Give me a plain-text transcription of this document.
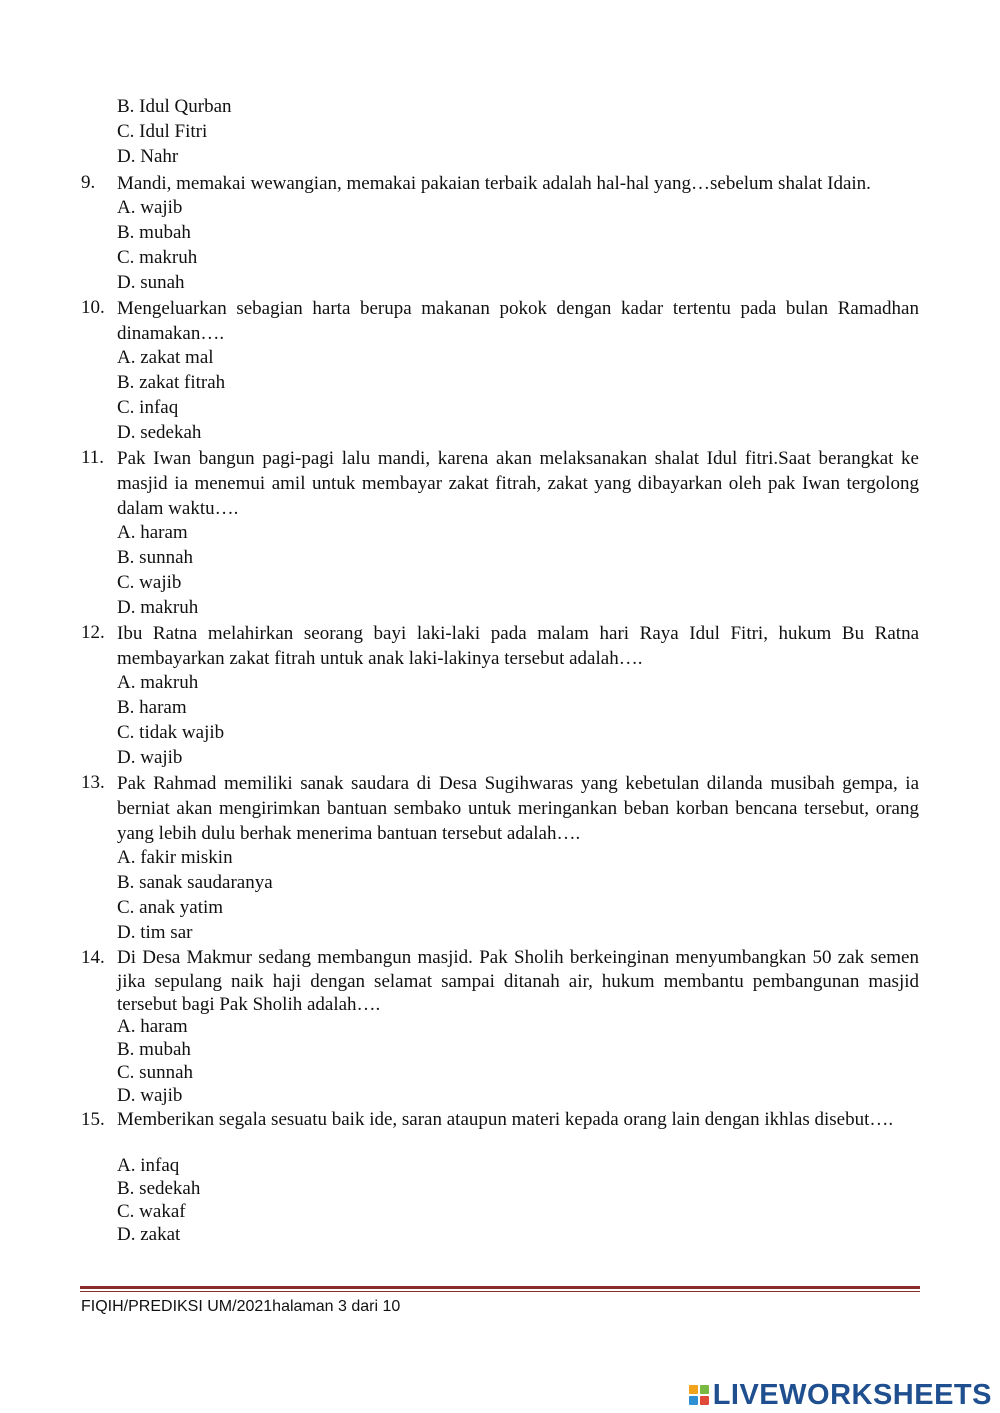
B. Idul Qurban
C. Idul Fitri
D. Nahr
9. Mandi, memakai wewangian, memakai pakaian terbaik adalah hal-hal yang…sebelum shalat Idain.
A. wajib
B. mubah
C. makruh
D. sunah
10. Mengeluarkan sebagian harta berupa makanan pokok dengan kadar tertentu pada bulan Ramadhan dinamakan….
A. zakat mal
B. zakat fitrah
C. infaq
D. sedekah
11. Pak Iwan bangun pagi-pagi lalu mandi, karena akan melaksanakan shalat Idul fitri.Saat berangkat ke masjid ia menemui amil untuk membayar zakat fitrah, zakat yang dibayarkan oleh pak Iwan tergolong dalam waktu….
A. haram
B. sunnah
C. wajib
D. makruh
12. Ibu Ratna melahirkan seorang bayi laki-laki pada malam hari Raya Idul Fitri, hukum Bu Ratna membayarkan zakat fitrah untuk anak laki-lakinya tersebut adalah….
A. makruh
B. haram
C. tidak wajib
D. wajib
13. Pak Rahmad memiliki sanak saudara di Desa Sugihwaras yang kebetulan dilanda musibah gempa, ia berniat akan mengirimkan bantuan sembako untuk meringankan beban korban bencana tersebut, orang yang lebih dulu berhak menerima bantuan tersebut adalah….
A. fakir miskin
B. sanak saudaranya
C. anak yatim
D. tim sar
14. Di Desa Makmur sedang membangun masjid. Pak Sholih berkeinginan menyumbangkan 50 zak semen jika sepulang naik haji dengan selamat sampai ditanah air, hukum membantu pembangunan masjid tersebut bagi Pak Sholih adalah….
A. haram
B. mubah
C. sunnah
D. wajib
15. Memberikan segala sesuatu baik ide, saran ataupun materi kepada orang lain dengan ikhlas disebut….
A. infaq
B. sedekah
C. wakaf
D. zakat
FIQIH/PREDIKSI UM/2021halaman 3 dari 10
LIVEWORKSHEETS
